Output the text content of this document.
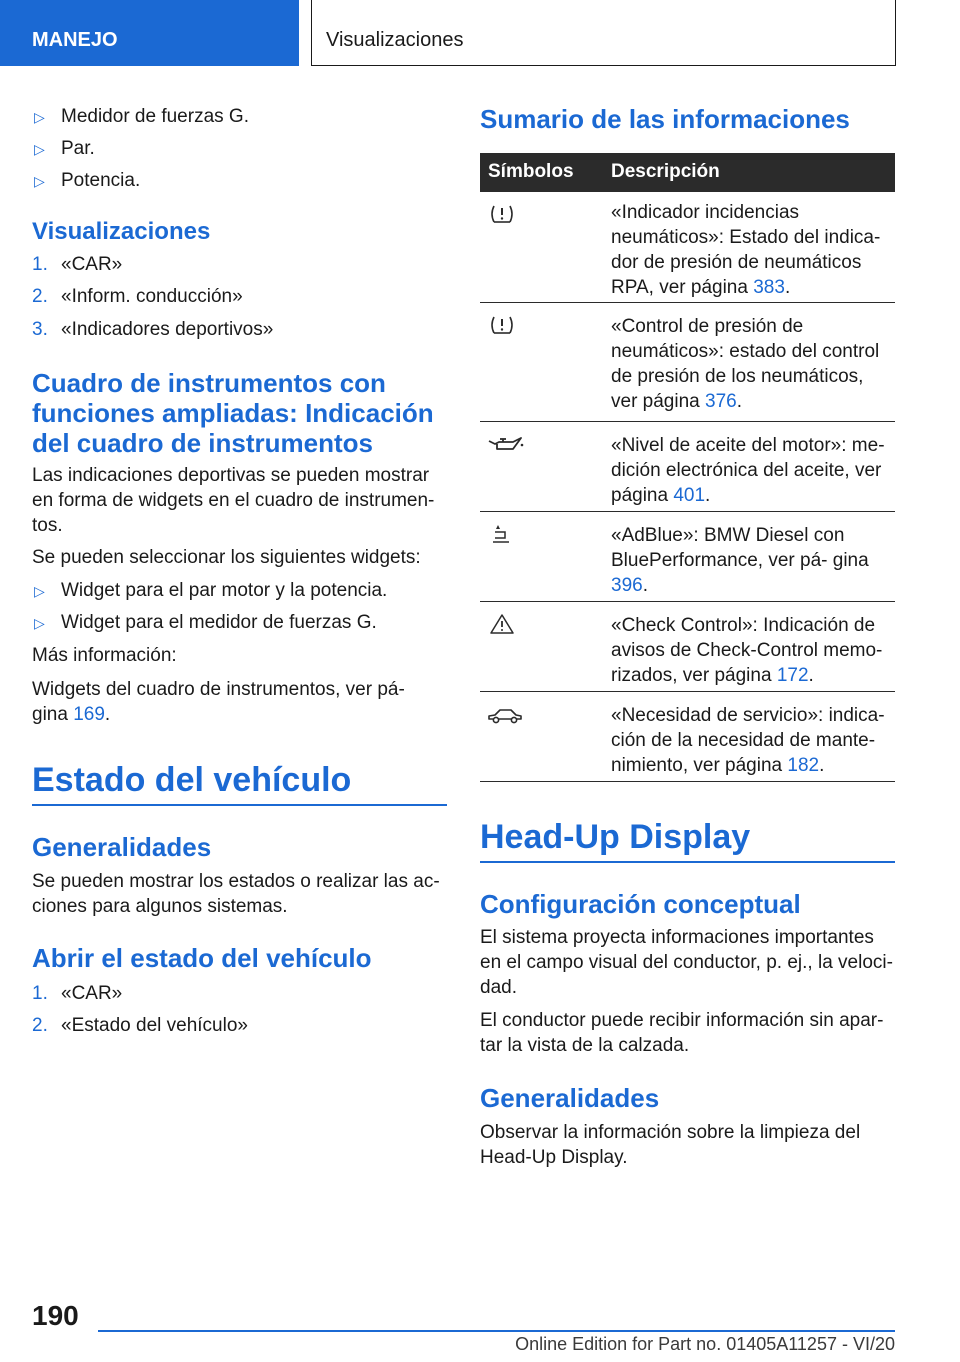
MANEJO	Visualizaciones
▷ Medidor de fuerzas G.
▷ Par.
▷ Potencia.
Visualizaciones
1. «CAR»
2. «Inform. conducción»
3. «Indicadores deportivos»
Cuadro de instrumentos con funciones ampliadas: Indicación del cuadro de instrumentos
Las indicaciones deportivas se pueden mostrar en forma de widgets en el cuadro de instrumen‐ tos.
Se pueden seleccionar los siguientes widgets:
▷ Widget para el par motor y la potencia.
▷ Widget para el medidor de fuerzas G.
Más información:
Widgets del cuadro de instrumentos, ver pá‐ gina 169.
Estado del vehículo
Generalidades
Se pueden mostrar los estados o realizar las ac‐ ciones para algunos sistemas.
Abrir el estado del vehículo
1. «CAR»
2. «Estado del vehículo»
Sumario de las informaciones
Símbolos Descripción
«Indicador incidencias neumáticos»: Estado del indica‐ dor de presión de neumáticos RPA, ver página 383.
«Control de presión de neumáticos»: estado del control de presión de los neumáticos, ver página 376.
«Nivel de aceite del motor»: me‐ dición electrónica del aceite, ver página 401.
«AdBlue»: BMW Diesel con BluePerformance, ver pá‐ gina 396.
«Check Control»: Indicación de avisos de Check-Control memo‐ rizados, ver página 172.
«Necesidad de servicio»: indica‐ ción de la necesidad de mante‐ nimiento, ver página 182.
Head-Up Display
Configuración conceptual
El sistema proyecta informaciones importantes en el campo visual del conductor, p. ej., la veloci‐ dad.
El conductor puede recibir información sin apar‐ tar la vista de la calzada.
Generalidades
Observar la información sobre la limpieza del Head-Up Display.
190
Online Edition for Part no. 01405A11257 - VI/20
